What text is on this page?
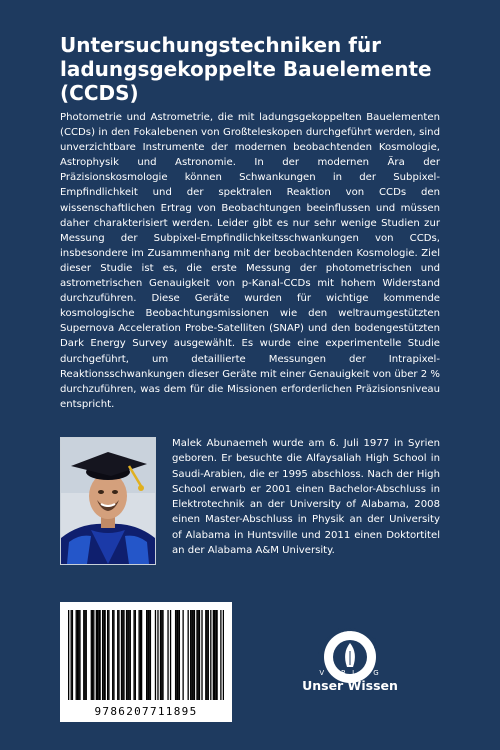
Untersuchungstechniken für
ladungsgekoppelte Bauelemente
(CCDS)

Photometrie und Astrometrie, die mit ladungsgekoppelten Bauelementen (CCDs) in den Fokalebenen von Großteleskopen durchgeführt werden, sind unverzichtbare Instrumente der modernen beobachtenden Kosmologie, Astrophysik und Astronomie. In der modernen Ära der Präzisionskosmologie können Schwankungen in der Subpixel-Empfindlichkeit und der spektralen Reaktion von CCDs den wissenschaftlichen Ertrag von Beobachtungen beeinflussen und müssen daher charakterisiert werden. Leider gibt es nur sehr wenige Studien zur Messung der Subpixel-Empfindlichkeitsschwankungen von CCDs, insbesondere im Zusammenhang mit der beobachtenden Kosmologie. Ziel dieser Studie ist es, die erste Messung der photometrischen und astrometrischen Genauigkeit von p-Kanal-CCDs mit hohem Widerstand durchzuführen. Diese Geräte wurden für wichtige kommende kosmologische Beobachtungsmissionen wie den weltraumgestützten Supernova Acceleration Probe-Satelliten (SNAP) und den bodengestützten Dark Energy Survey ausgewählt. Es wurde eine experimentelle Studie durchgeführt, um detaillierte Messungen der Intrapixel-Reaktionsschwankungen dieser Geräte mit einer Genauigkeit von über 2 % durchzuführen, was dem für die Missionen erforderlichen Präzisionsniveau entspricht.

Malek Abunaemeh wurde am 6. Juli 1977 in Syrien geboren. Er besuchte die Alfaysaliah High School in Saudi-Arabien, die er 1995 abschloss. Nach der High School erwarb er 2001 einen Bachelor-Abschluss in Elektrotechnik an der University of Alabama, 2008 einen Master-Abschluss in Physik an der University of Alabama in Huntsville und 2011 einen Doktortitel an der Alabama A&M University.

9786207711895
Unser Wissen · Verlag ·
V E R L A G
Unser Wissen
